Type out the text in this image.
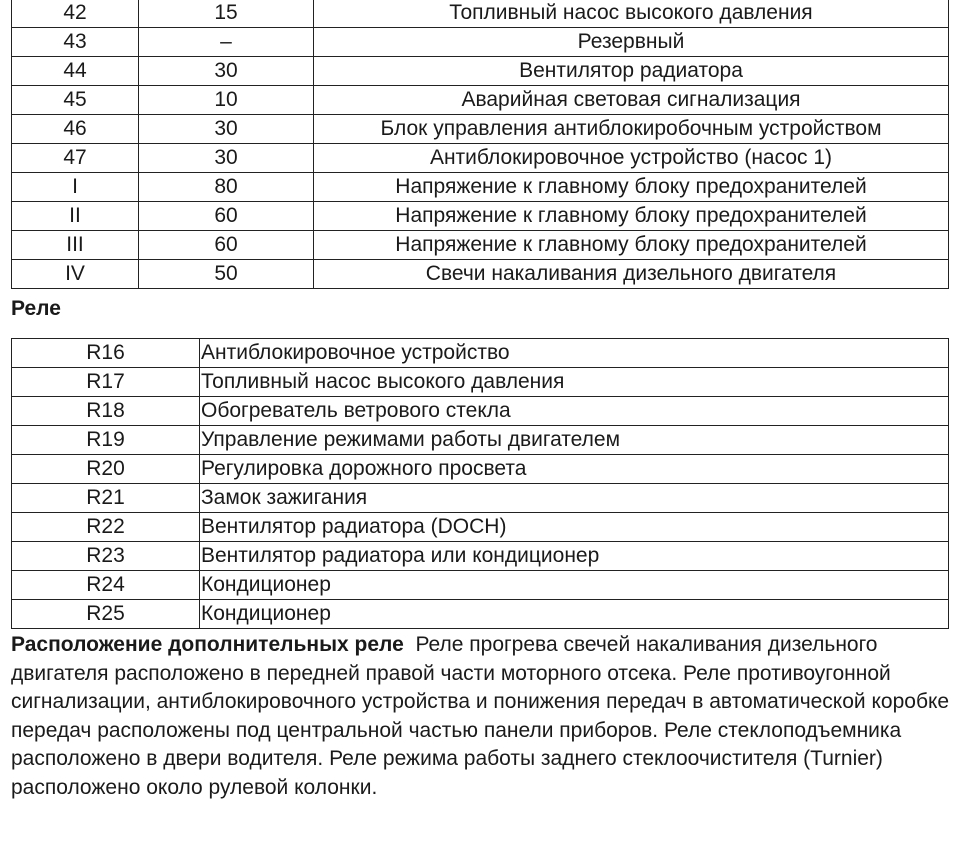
42	15	Топливный насос высокого давления
43	–	Резервный
44	30	Вентилятор радиатора
45	10	Аварийная световая сигнализация
46	30	Блок управления антиблокиробочным устройством
47	30	Антиблокировочное устройство (насос 1)
I	80	Напряжение к главному блоку предохранителей
II	60	Напряжение к главному блоку предохранителей
III	60	Напряжение к главному блоку предохранителей
IV	50	Свечи накаливания дизельного двигателя
Реле
R16	Антиблокировочное устройство
R17	Топливный насос высокого давления
R18	Обогреватель ветрового стекла
R19	Управление режимами работы двигателем
R20	Регулировка дорожного просвета
R21	Замок зажигания
R22	Вентилятор радиатора (DOCH)
R23	Вентилятор радиатора или кондиционер
R24	Кондиционер
R25	Кондиционер

Расположение дополнительных реле Реле прогрева свечей накаливания дизельного двигателя расположено в передней правой части моторного отсека. Реле противоугонной сигнализации, антиблокировочного устройства и понижения передач в автоматической коробке передач расположены под центральной частью панели приборов. Реле стеклоподъемника расположено в двери водителя. Реле режима работы заднего стеклоочистителя (Turnier) расположено около рулевой колонки.
